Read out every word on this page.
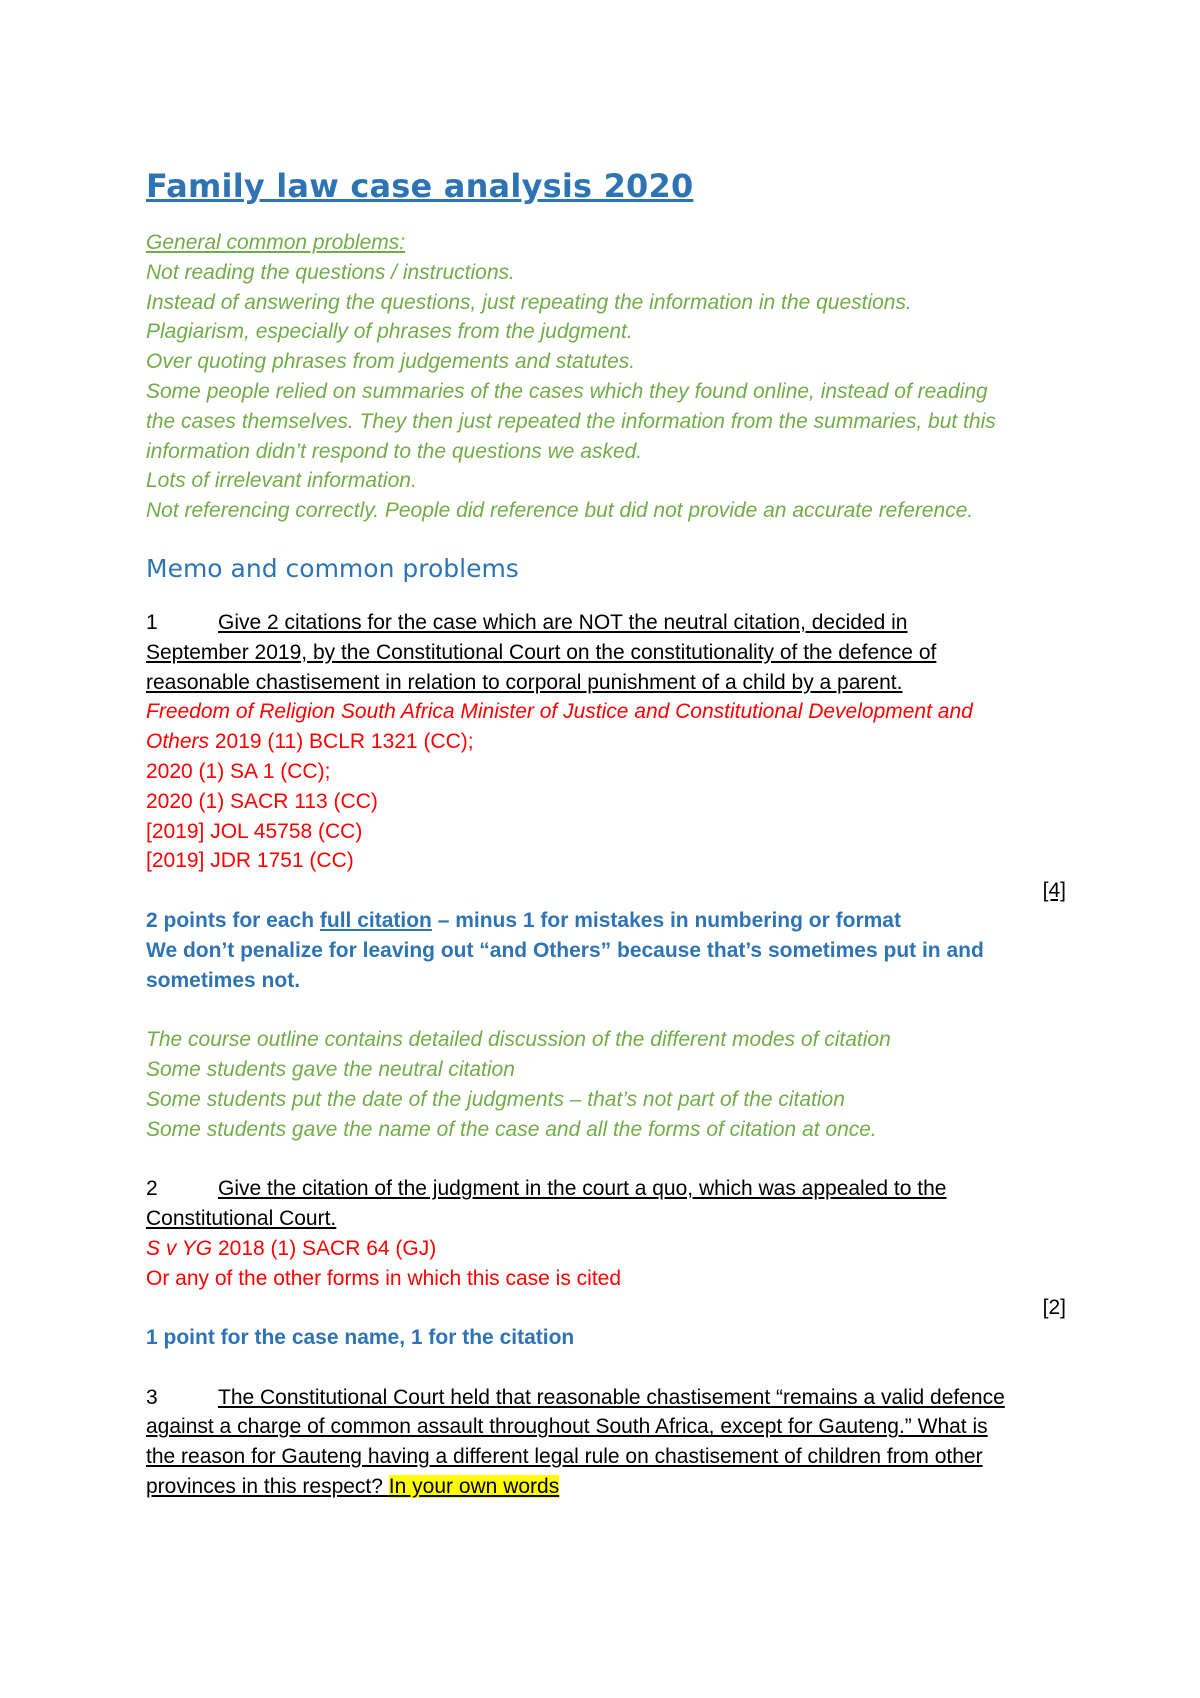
Family law case analysis 2020
General common problems:
Not reading the questions / instructions.
Instead of answering the questions, just repeating the information in the questions.
Plagiarism, especially of phrases from the judgment.
Over quoting phrases from judgements and statutes.
Some people relied on summaries of the cases which they found online, instead of reading
the cases themselves. They then just repeated the information from the summaries, but this
information didn’t respond to the questions we asked.
Lots of irrelevant information.
Not referencing correctly. People did reference but did not provide an accurate reference.
Memo and common problems
1	Give 2 citations for the case which are NOT the neutral citation, decided in
September 2019, by the Constitutional Court on the constitutionality of the defence of
reasonable chastisement in relation to corporal punishment of a child by a parent.
Freedom of Religion South Africa Minister of Justice and Constitutional Development and
Others 2019 (11) BCLR 1321 (CC);
2020 (1) SA 1 (CC);
2020 (1) SACR 113 (CC)
[2019] JOL 45758 (CC)
[2019] JDR 1751 (CC)
[4]
2 points for each full citation – minus 1 for mistakes in numbering or format
We don’t penalize for leaving out “and Others” because that’s sometimes put in and
sometimes not.
The course outline contains detailed discussion of the different modes of citation
Some students gave the neutral citation
Some students put the date of the judgments – that’s not part of the citation
Some students gave the name of the case and all the forms of citation at once.
2	Give the citation of the judgment in the court a quo, which was appealed to the
Constitutional Court.
S v YG 2018 (1) SACR 64 (GJ)
Or any of the other forms in which this case is cited
[2]
1 point for the case name, 1 for the citation
3	The Constitutional Court held that reasonable chastisement “remains a valid defence
against a charge of common assault throughout South Africa, except for Gauteng.” What is
the reason for Gauteng having a different legal rule on chastisement of children from other
provinces in this respect? In your own words
